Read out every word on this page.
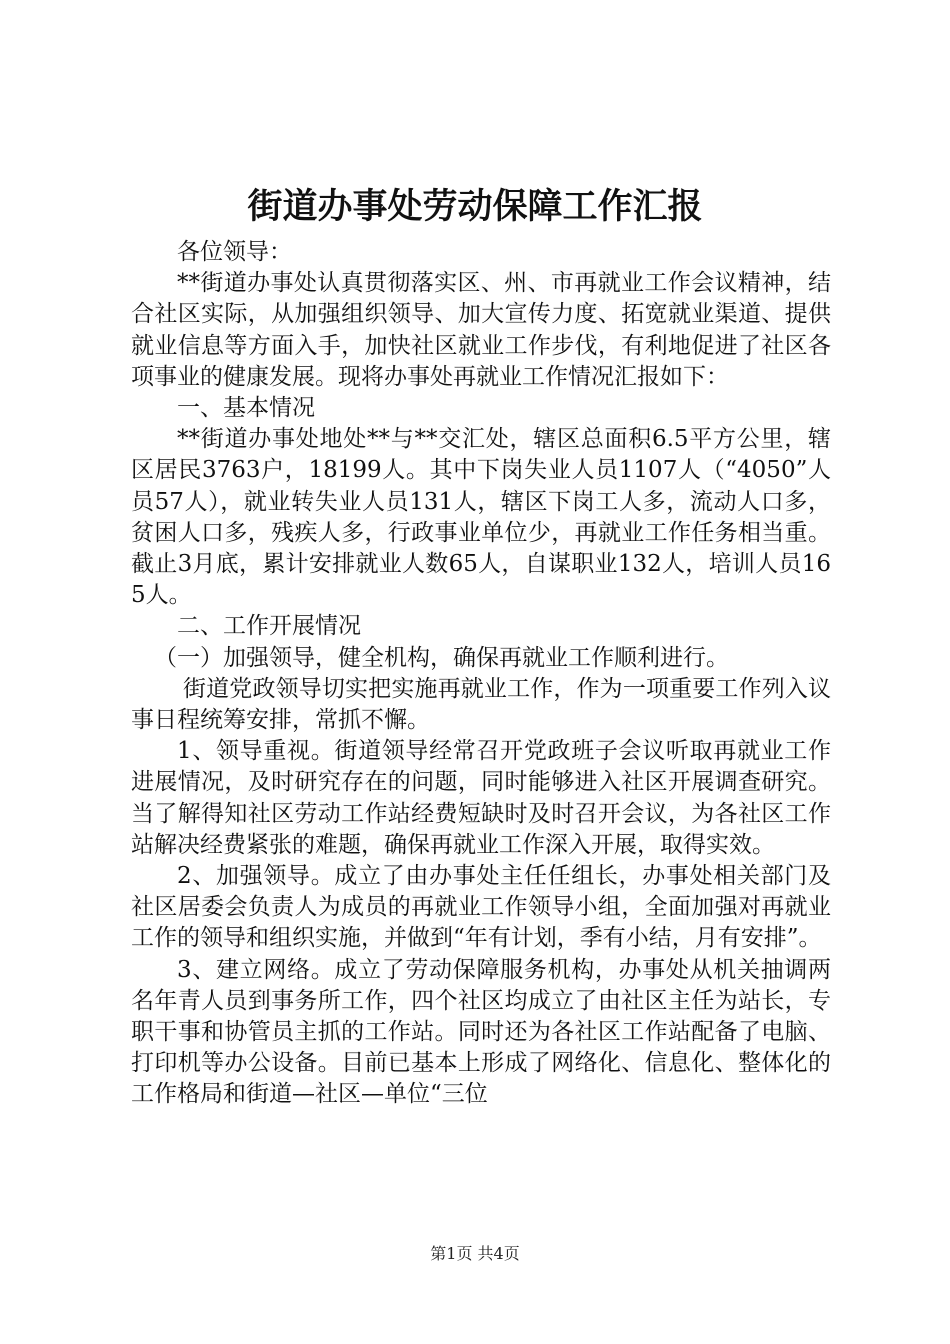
街道办事处劳动保障工作汇报

各位领导：

**街道办事处认真贯彻落实区、州、市再就业工作会议精神，结合社区实际，从加强组织领导、加大宣传力度、拓宽就业渠道、提供就业信息等方面入手，加快社区就业工作步伐，有利地促进了社区各项事业的健康发展。现将办事处再就业工作情况汇报如下：

一、基本情况

**街道办事处地处**与**交汇处，辖区总面积6.5平方公里，辖区居民3763户，18199人。其中下岗失业人员1107人（“4050”人员57人），就业转失业人员131人，辖区下岗工人多，流动人口多，贫困人口多，残疾人多，行政事业单位少，再就业工作任务相当重。截止3月底，累计安排就业人数65人，自谋职业132人，培训人员165人。

二、工作开展情况

（一）加强领导，健全机构，确保再就业工作顺利进行。

街道党政领导切实把实施再就业工作，作为一项重要工作列入议事日程统筹安排，常抓不懈。

1、领导重视。街道领导经常召开党政班子会议听取再就业工作进展情况，及时研究存在的问题，同时能够进入社区开展调查研究。当了解得知社区劳动工作站经费短缺时及时召开会议，为各社区工作站解决经费紧张的难题，确保再就业工作深入开展，取得实效。

2、加强领导。成立了由办事处主任任组长，办事处相关部门及社区居委会负责人为成员的再就业工作领导小组，全面加强对再就业工作的领导和组织实施，并做到“年有计划，季有小结，月有安排”。

3、建立网络。成立了劳动保障服务机构，办事处从机关抽调两名年青人员到事务所工作，四个社区均成立了由社区主任为站长，专职干事和协管员主抓的工作站。同时还为各社区工作站配备了电脑、打印机等办公设备。目前已基本上形成了网络化、信息化、整体化的工作格局和街道—社区—单位“三位

第1页 共4页
